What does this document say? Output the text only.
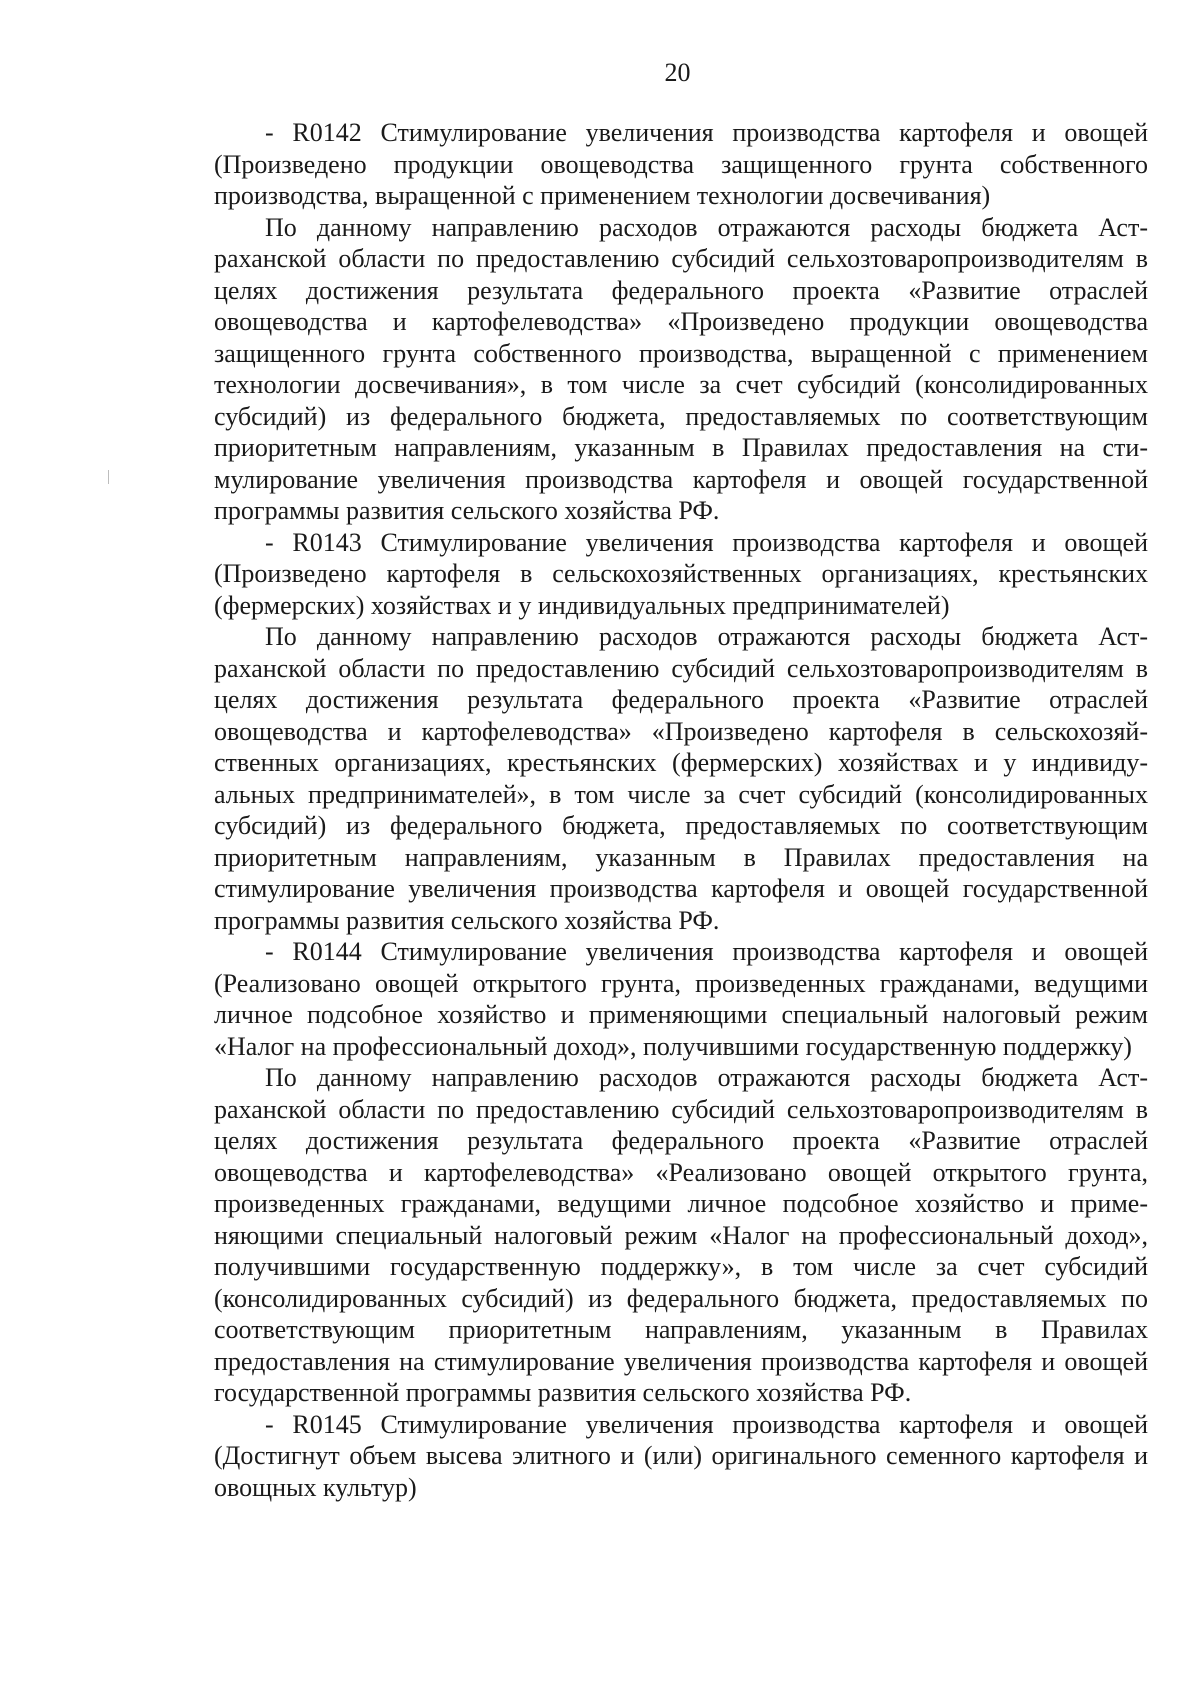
20

- R0142 Стимулирование увеличения производства картофеля и овощей (Произведено продукции овощеводства защищенного грунта собственного производства, выращенной с применением технологии досвечивания)

По данному направлению расходов отражаются расходы бюджета Астраханской области по предоставлению субсидий сельхозтоваропроизводителям в целях достижения результата федерального проекта «Развитие отраслей овощеводства и картофелеводства» «Произведено продукции овощеводства защищенного грунта собственного производства, выращенной с применением технологии досвечивания», в том числе за счет субсидий (консолидированных субсидий) из федерального бюджета, предоставляемых по соответствующим приоритетным направлениям, указанным в Правилах предоставления на стимулирование увеличения производства картофеля и овощей государственной программы развития сельского хозяйства РФ.

- R0143 Стимулирование увеличения производства картофеля и овощей (Произведено картофеля в сельскохозяйственных организациях, крестьянских (фермерских) хозяйствах и у индивидуальных предпринимателей)

По данному направлению расходов отражаются расходы бюджета Астраханской области по предоставлению субсидий сельхозтоваропроизводителям в целях достижения результата федерального проекта «Развитие отраслей овощеводства и картофелеводства» «Произведено картофеля в сельскохозяйственных организациях, крестьянских (фермерских) хозяйствах и у индивидуальных предпринимателей», в том числе за счет субсидий (консолидированных субсидий) из федерального бюджета, предоставляемых по соответствующим приоритетным направлениям, указанным в Правилах предоставления на стимулирование увеличения производства картофеля и овощей государственной программы развития сельского хозяйства РФ.

- R0144 Стимулирование увеличения производства картофеля и овощей (Реализовано овощей открытого грунта, произведенных гражданами, ведущими личное подсобное хозяйство и применяющими специальный налоговый режим «Налог на профессиональный доход», получившими государственную поддержку)

По данному направлению расходов отражаются расходы бюджета Астраханской области по предоставлению субсидий сельхозтоваропроизводителям в целях достижения результата федерального проекта «Развитие отраслей овощеводства и картофелеводства» «Реализовано овощей открытого грунта, произведенных гражданами, ведущими личное подсобное хозяйство и применяющими специальный налоговый режим «Налог на профессиональный доход», получившими государственную поддержку», в том числе за счет субсидий (консолидированных субсидий) из федерального бюджета, предоставляемых по соответствующим приоритетным направлениям, указанным в Правилах предоставления на стимулирование увеличения производства картофеля и овощей государственной программы развития сельского хозяйства РФ.

- R0145 Стимулирование увеличения производства картофеля и овощей (Достигнут объем высева элитного и (или) оригинального семенного картофеля и овощных культур)
